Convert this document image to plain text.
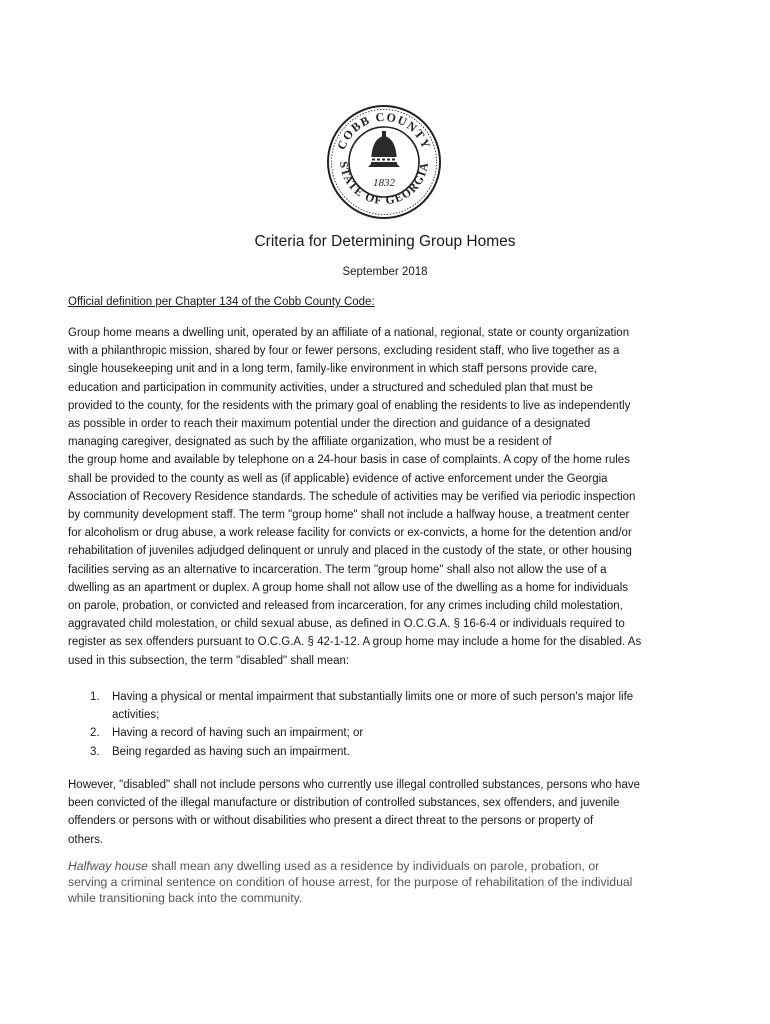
COBB COUNTY
STATE OF GEORGIA
1832
Criteria for Determining Group Homes
September 2018
Official definition per Chapter 134 of the Cobb County Code:
Group home means a dwelling unit, operated by an affiliate of a national, regional, state or county organization
with a philanthropic mission, shared by four or fewer persons, excluding resident staff, who live together as a
single housekeeping unit and in a long term, family-like environment in which staff persons provide care,
education and participation in community activities, under a structured and scheduled plan that must be
provided to the county, for the residents with the primary goal of enabling the residents to live as independently
as possible in order to reach their maximum potential under the direction and guidance of a designated
managing caregiver, designated as such by the affiliate organization, who must be a resident of
the group home and available by telephone on a 24-hour basis in case of complaints. A copy of the home rules
shall be provided to the county as well as (if applicable) evidence of active enforcement under the Georgia
Association of Recovery Residence standards. The schedule of activities may be verified via periodic inspection
by community development staff. The term "group home" shall not include a halfway house, a treatment center
for alcoholism or drug abuse, a work release facility for convicts or ex-convicts, a home for the detention and/or
rehabilitation of juveniles adjudged delinquent or unruly and placed in the custody of the state, or other housing
facilities serving as an alternative to incarceration. The term "group home" shall also not allow the use of a
dwelling as an apartment or duplex. A group home shall not allow use of the dwelling as a home for individuals
on parole, probation, or convicted and released from incarceration, for any crimes including child molestation,
aggravated child molestation, or child sexual abuse, as defined in O.C.G.A. § 16-6-4 or individuals required to
register as sex offenders pursuant to O.C.G.A. § 42-1-12. A group home may include a home for the disabled. As
used in this subsection, the term "disabled" shall mean:
1. Having a physical or mental impairment that substantially limits one or more of such person's major life
activities;
2. Having a record of having such an impairment; or
3. Being regarded as having such an impairment.
However, "disabled" shall not include persons who currently use illegal controlled substances, persons who have
been convicted of the illegal manufacture or distribution of controlled substances, sex offenders, and juvenile
offenders or persons with or without disabilities who present a direct threat to the persons or property of
others.
Halfway house shall mean any dwelling used as a residence by individuals on parole, probation, or
serving a criminal sentence on condition of house arrest, for the purpose of rehabilitation of the individual
while transitioning back into the community.
